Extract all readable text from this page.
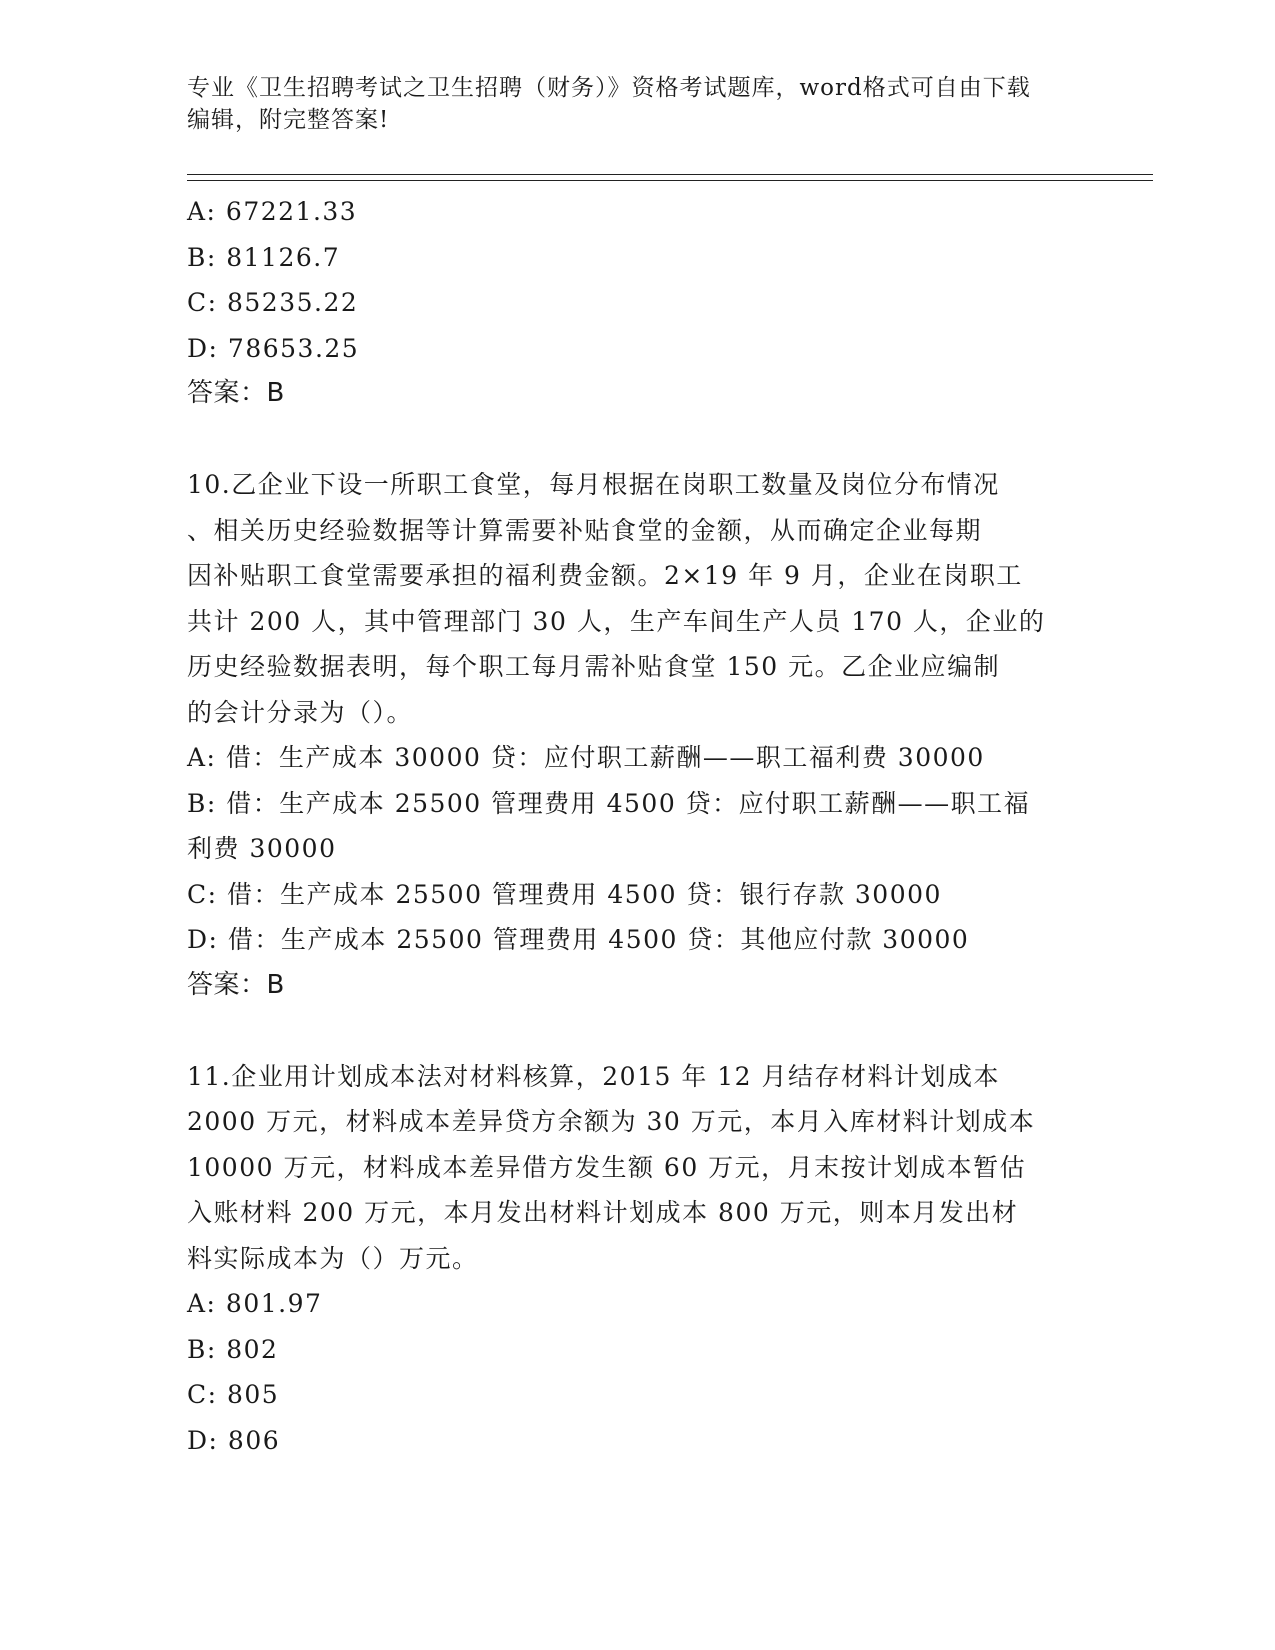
专业《卫生招聘考试之卫生招聘（财务）》资格考试题库，word格式可自由下载
编辑，附完整答案!
A: 67221.33
B: 81126.7
C: 85235.22
D: 78653.25
答案：B
10.乙企业下设一所职工食堂，每月根据在岗职工数量及岗位分布情况
、相关历史经验数据等计算需要补贴食堂的金额，从而确定企业每期
因补贴职工食堂需要承担的福利费金额。2×19 年 9 月，企业在岗职工
共计 200 人，其中管理部门 30 人，生产车间生产人员 170 人，企业的
历史经验数据表明，每个职工每月需补贴食堂 150 元。乙企业应编制
的会计分录为（）。
A: 借：生产成本 30000 贷：应付职工薪酬——职工福利费 30000
B: 借：生产成本 25500 管理费用 4500 贷：应付职工薪酬——职工福
利费 30000
C: 借：生产成本 25500 管理费用 4500 贷：银行存款 30000
D: 借：生产成本 25500 管理费用 4500 贷：其他应付款 30000
答案：B
11.企业用计划成本法对材料核算，2015 年 12 月结存材料计划成本
2000 万元，材料成本差异贷方余额为 30 万元，本月入库材料计划成本
10000 万元，材料成本差异借方发生额 60 万元，月末按计划成本暂估
入账材料 200 万元，本月发出材料计划成本 800 万元，则本月发出材
料实际成本为（）万元。
A: 801.97
B: 802
C: 805
D: 806
